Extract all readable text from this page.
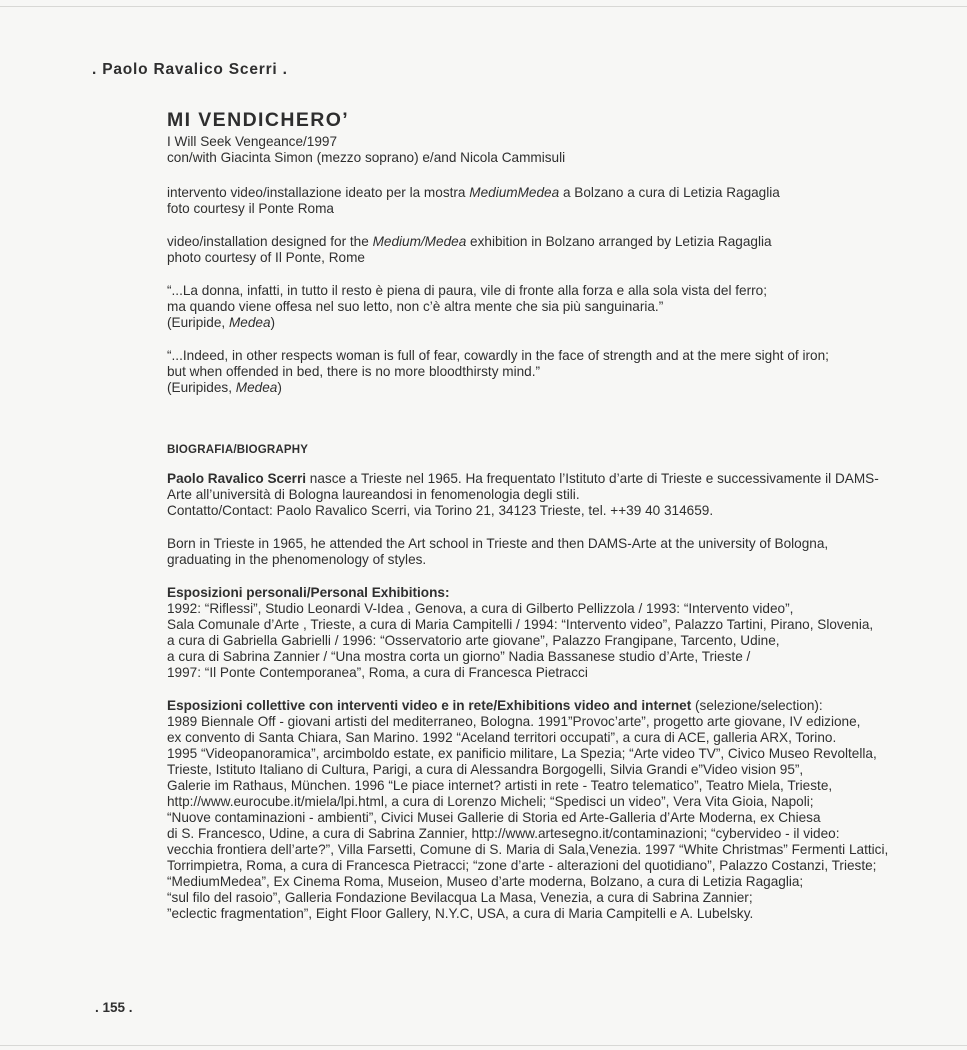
. Paolo Ravalico Scerri .
MI VENDICHERO’
I Will Seek Vengeance/1997
con/with Giacinta Simon (mezzo soprano) e/and Nicola Cammisuli
intervento video/installazione ideato per la mostra MediumMedea a Bolzano a cura di Letizia Ragaglia
foto courtesy il Ponte Roma
video/installation designed for the Medium/Medea exhibition in Bolzano arranged by Letizia Ragaglia
photo courtesy of Il Ponte, Rome
“...La donna, infatti, in tutto il resto è piena di paura, vile di fronte alla forza e alla sola vista del ferro;
ma quando viene offesa nel suo letto, non c’è altra mente che sia più sanguinaria.”
(Euripide, Medea)
“...Indeed, in other respects woman is full of fear, cowardly in the face of strength and at the mere sight of iron;
but when offended in bed, there is no more bloodthirsty mind.”
(Euripides, Medea)
BIOGRAFIA/BIOGRAPHY
Paolo Ravalico Scerri nasce a Trieste nel 1965. Ha frequentato l’Istituto d’arte di Trieste e successivamente il DAMS-
Arte all’università di Bologna laureandosi in fenomenologia degli stili.
Contatto/Contact: Paolo Ravalico Scerri, via Torino 21, 34123 Trieste, tel. ++39 40 314659.
Born in Trieste in 1965, he attended the Art school in Trieste and then DAMS-Arte at the university of Bologna,
graduating in the phenomenology of styles.
Esposizioni personali/Personal Exhibitions:
1992: “Riflessi”, Studio Leonardi V-Idea , Genova, a cura di Gilberto Pellizzola / 1993: “Intervento video”,
Sala Comunale d’Arte , Trieste, a cura di Maria Campitelli / 1994: “Intervento video”, Palazzo Tartini, Pirano, Slovenia,
a cura di Gabriella Gabrielli / 1996: “Osservatorio arte giovane”, Palazzo Frangipane, Tarcento, Udine,
a cura di Sabrina Zannier / “Una mostra corta un giorno” Nadia Bassanese studio d’Arte, Trieste /
1997: “Il Ponte Contemporanea”, Roma, a cura di Francesca Pietracci
Esposizioni collettive con interventi video e in rete/Exhibitions video and internet (selezione/selection):
1989 Biennale Off - giovani artisti del mediterraneo, Bologna. 1991”Provoc’arte”, progetto arte giovane, IV edizione,
ex convento di Santa Chiara, San Marino. 1992 “Aceland territori occupati”, a cura di ACE, galleria ARX, Torino.
1995 “Videopanoramica”, arcimboldo estate, ex panificio militare, La Spezia; “Arte video TV”, Civico Museo Revoltella,
Trieste, Istituto Italiano di Cultura, Parigi, a cura di Alessandra Borgogelli, Silvia Grandi e”Video vision 95”,
Galerie im Rathaus, München. 1996 “Le piace internet? artisti in rete - Teatro telematico”, Teatro Miela, Trieste,
http://www.eurocube.it/miela/lpi.html, a cura di Lorenzo Micheli; “Spedisci un video”, Vera Vita Gioia, Napoli;
“Nuove contaminazioni - ambienti”, Civici Musei Gallerie di Storia ed Arte-Galleria d’Arte Moderna, ex Chiesa
di S. Francesco, Udine, a cura di Sabrina Zannier, http://www.artesegno.it/contaminazioni; “cybervideo - il video:
vecchia frontiera dell’arte?”, Villa Farsetti, Comune di S. Maria di Sala,Venezia. 1997 “White Christmas” Fermenti Lattici,
Torrimpietra, Roma, a cura di Francesca Pietracci; “zone d’arte - alterazioni del quotidiano”, Palazzo Costanzi, Trieste;
“MediumMedea”, Ex Cinema Roma, Museion, Museo d’arte moderna, Bolzano, a cura di Letizia Ragaglia;
“sul filo del rasoio”, Galleria Fondazione Bevilacqua La Masa, Venezia, a cura di Sabrina Zannier;
”eclectic fragmentation”, Eight Floor Gallery, N.Y.C, USA, a cura di Maria Campitelli e A. Lubelsky.
. 155 .
